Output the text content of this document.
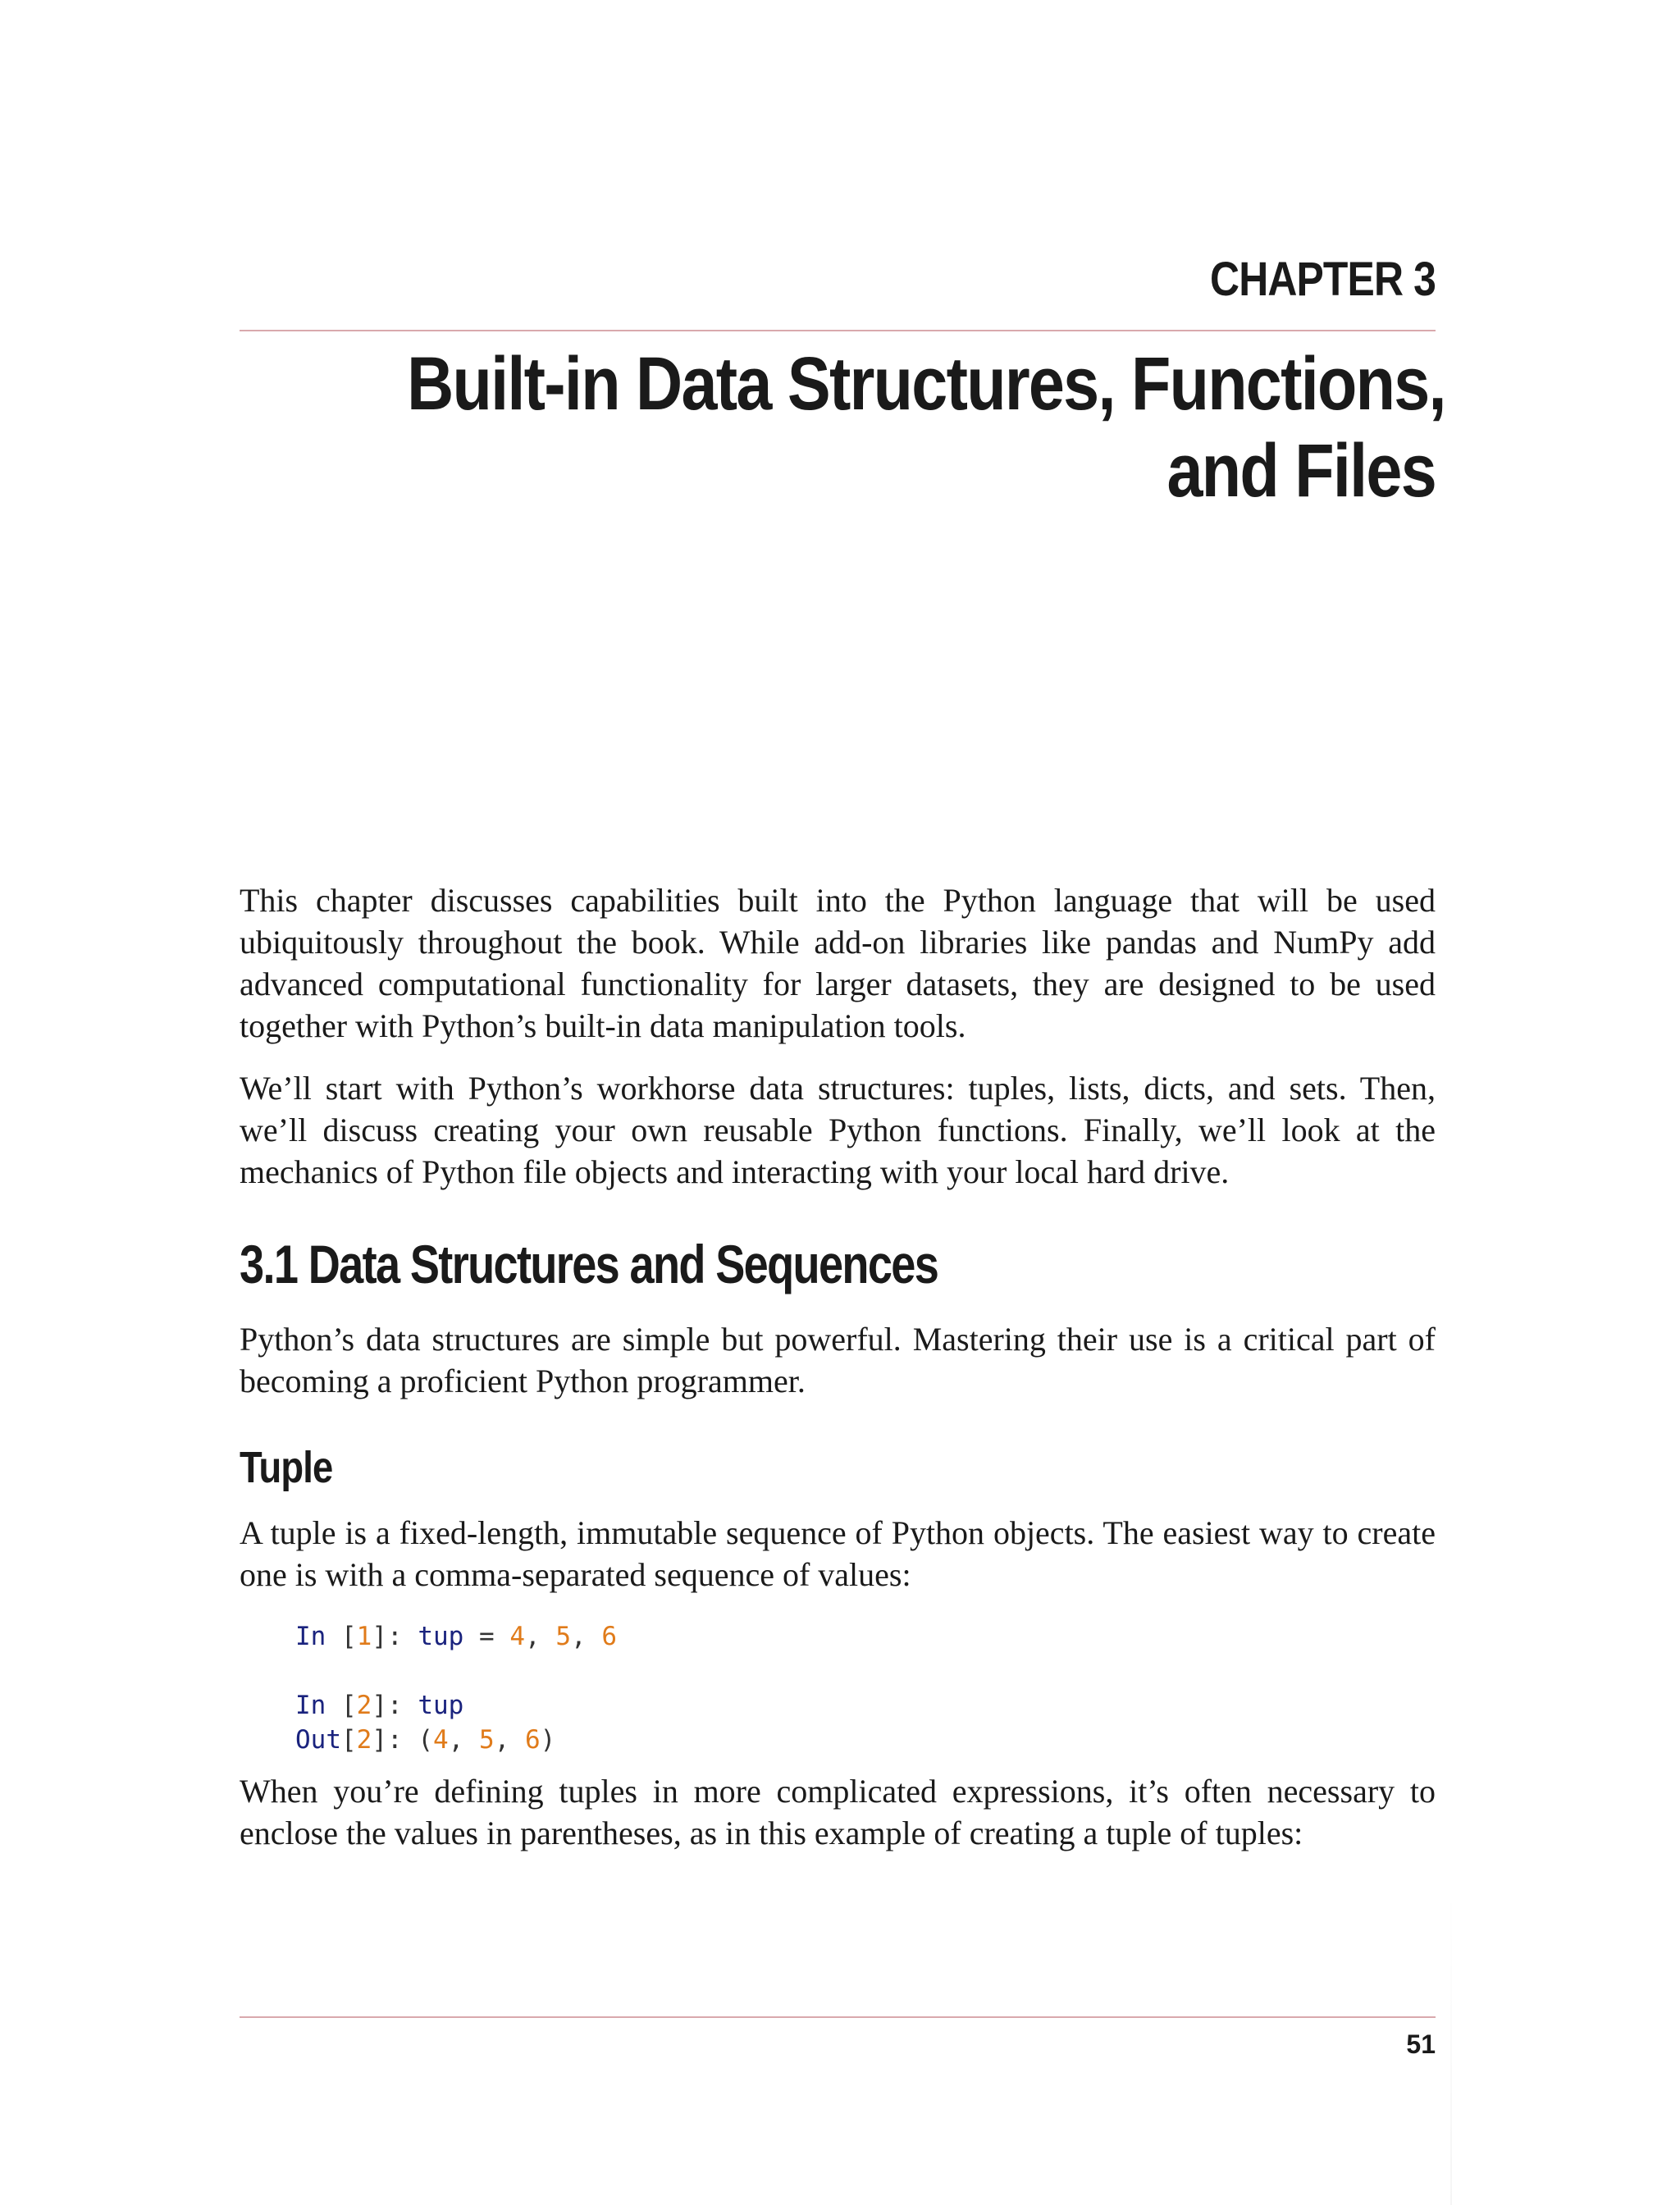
CHAPTER 3
Built-in Data Structures, Functions,
and Files

This chapter discusses capabilities built into the Python language that will be used ubiquitously throughout the book. While add-on libraries like pandas and NumPy add advanced computational functionality for larger datasets, they are designed to be used together with Python’s built-in data manipulation tools.

We’ll start with Python’s workhorse data structures: tuples, lists, dicts, and sets. Then, we’ll discuss creating your own reusable Python functions. Finally, we’ll look at the mechanics of Python file objects and interacting with your local hard drive.

3.1 Data Structures and Sequences

Python’s data structures are simple but powerful. Mastering their use is a critical part of becoming a proficient Python programmer.

Tuple

A tuple is a fixed-length, immutable sequence of Python objects. The easiest way to create one is with a comma-separated sequence of values:

In [1]: tup = 4, 5, 6
In [2]: tup
Out[2]: (4, 5, 6)

When you’re defining tuples in more complicated expressions, it’s often necessary to enclose the values in parentheses, as in this example of creating a tuple of tuples:

51
